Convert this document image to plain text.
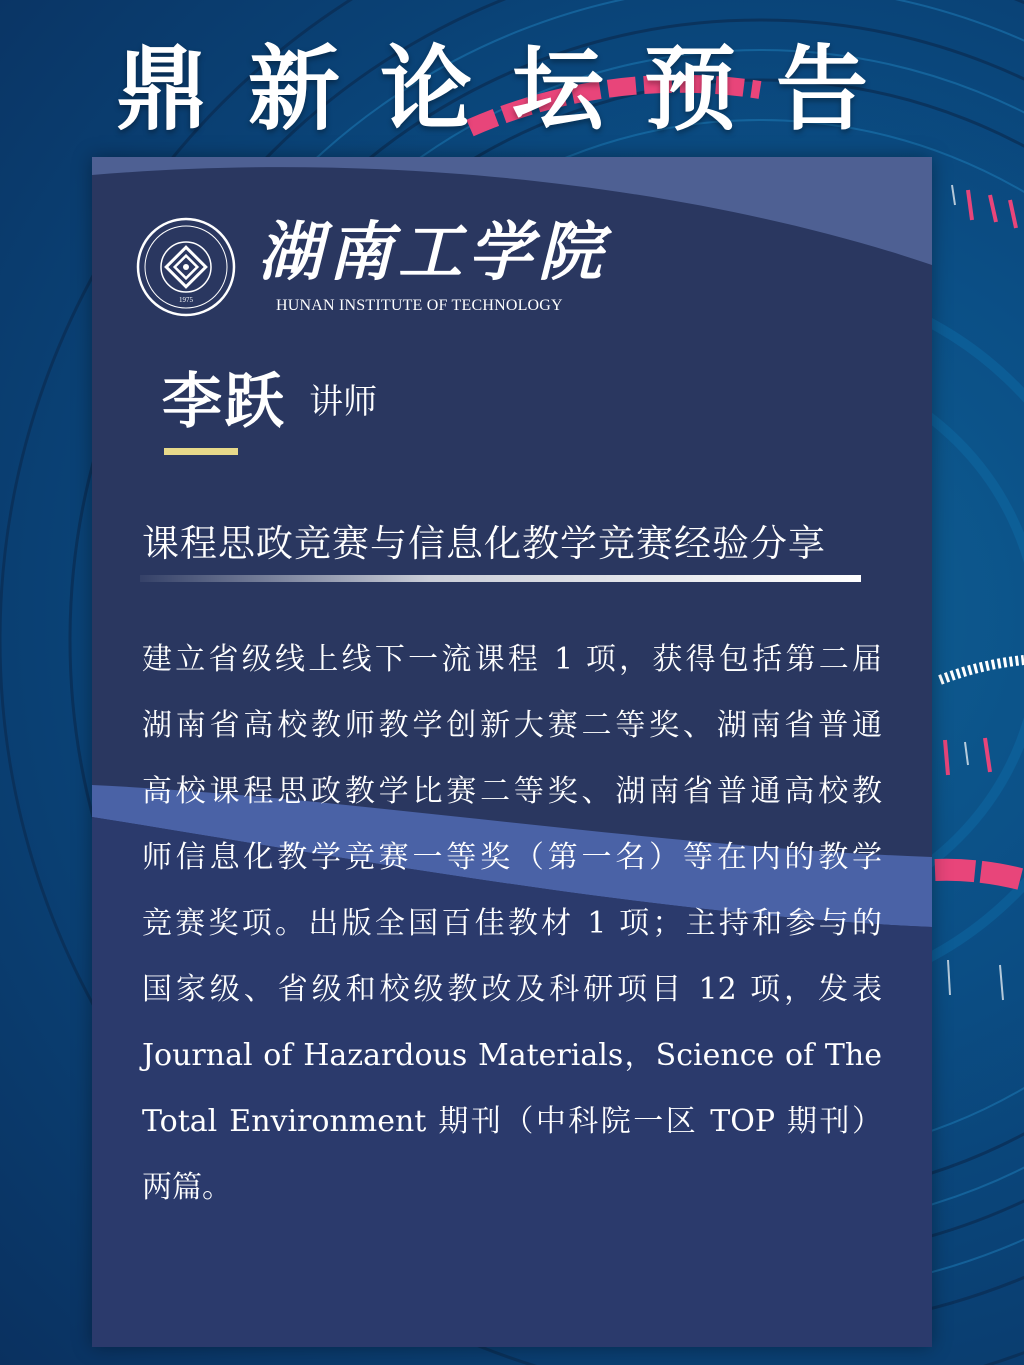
鼎新论坛预告
1975
湖南工学院
HUNAN INSTITUTE OF TECHNOLOGY
李跃 讲师
课程思政竞赛与信息化教学竞赛经验分享
建立省级线上线下一流课程 1 项，获得包括第二届
湖南省高校教师教学创新大赛二等奖、湖南省普通
高校课程思政教学比赛二等奖、湖南省普通高校教
师信息化教学竞赛一等奖（第一名）等在内的教学
竞赛奖项。出版全国百佳教材 1 项；主持和参与的
国家级、省级和校级教改及科研项目 12 项，发表
Journal of Hazardous Materials，Science of The
Total Environment 期刊（中科院一区 TOP 期刊）
两篇。
